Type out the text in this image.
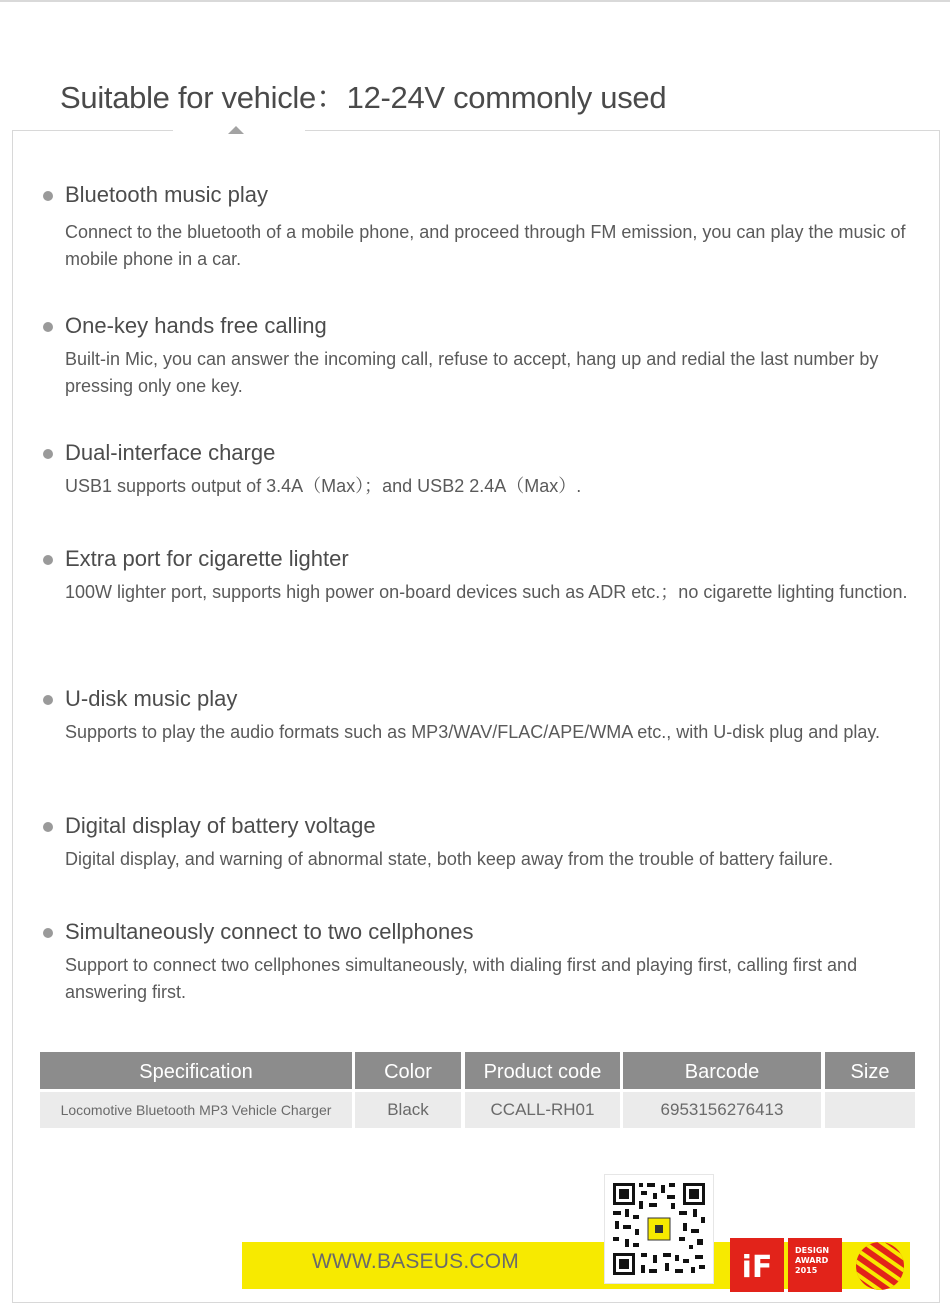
Suitable for vehicle：12-24V commonly used
Bluetooth music play
Connect to the bluetooth of a mobile phone, and proceed through FM emission, you can play the music of mobile phone in a car.
One-key hands free calling
Built-in Mic, you can answer the incoming call, refuse to accept, hang up and redial the last number by pressing only one key.
Dual-interface charge
USB1 supports output of 3.4A（Max）；and USB2 2.4A（Max）.
Extra port for cigarette lighter
100W lighter port, supports high power on-board devices such as ADR etc.；no cigarette lighting function.
U-disk music play
Supports to play the audio formats such as MP3/WAV/FLAC/APE/WMA etc., with U-disk plug and play.
Digital display of battery voltage
Digital display, and warning of abnormal state, both keep away from the trouble of battery failure.
Simultaneously connect to two cellphones
Support to connect two cellphones simultaneously, with dialing first and playing first, calling first and answering first.
Specification	Color	Product code	Barcode	Size
Locomotive Bluetooth MP3 Vehicle Charger	Black	CCALL-RH01	6953156276413
WWW.BASEUS.COM	iF	DESIGN
AWARD
2015
